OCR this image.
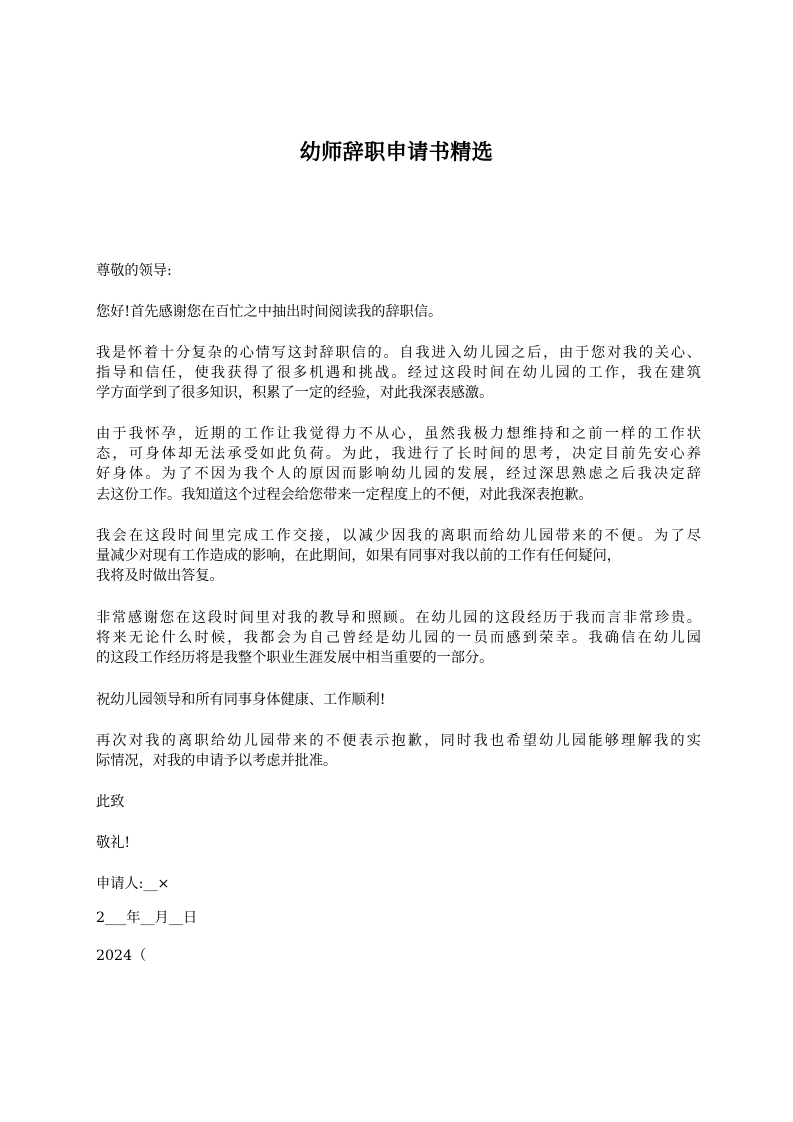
幼师辞职申请书精选
尊敬的领导:
您好!首先感谢您在百忙之中抽出时间阅读我的辞职信。
我是怀着十分复杂的心情写这封辞职信的。自我进入幼儿园之后，由于您对我的关心、
指导和信任，使我获得了很多机遇和挑战。经过这段时间在幼儿园的工作，我在建筑
学方面学到了很多知识，积累了一定的经验，对此我深表感激。
由于我怀孕，近期的工作让我觉得力不从心，虽然我极力想维持和之前一样的工作状
态，可身体却无法承受如此负荷。为此，我进行了长时间的思考，决定目前先安心养
好身体。为了不因为我个人的原因而影响幼儿园的发展，经过深思熟虑之后我决定辞
去这份工作。我知道这个过程会给您带来一定程度上的不便，对此我深表抱歉。
我会在这段时间里完成工作交接，以减少因我的离职而给幼儿园带来的不便。为了尽
量减少对现有工作造成的影响，在此期间，如果有同事对我以前的工作有任何疑问，
我将及时做出答复。
非常感谢您在这段时间里对我的教导和照顾。在幼儿园的这段经历于我而言非常珍贵。
将来无论什么时候，我都会为自己曾经是幼儿园的一员而感到荣幸。我确信在幼儿园
的这段工作经历将是我整个职业生涯发展中相当重要的一部分。
祝幼儿园领导和所有同事身体健康、工作顺利!
再次对我的离职给幼儿园带来的不便表示抱歉，同时我也希望幼儿园能够理解我的实
际情况，对我的申请予以考虑并批准。
此致
敬礼!
申请人:__×
2___年__月__日
2024（
